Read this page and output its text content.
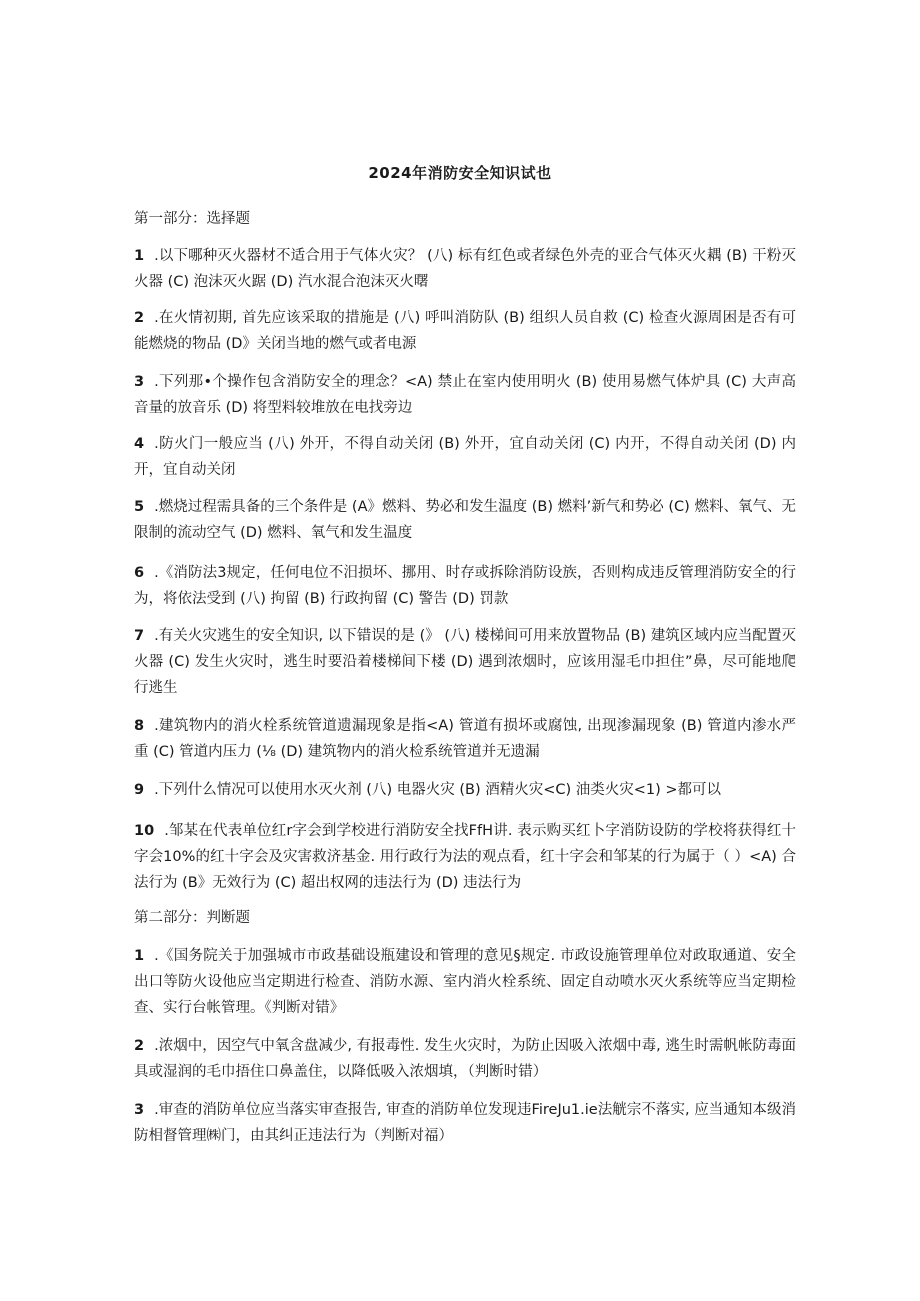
2024年消防安全知识试也
第一部分：选择题
1 .以下哪种灭火器材不适合用于气体火灾？ (八) 标有红色或者绿色外壳的亚合气体灭火耦 (B) 干粉灭火器 (C) 泡沫灭火踞 (D) 汽水混合泡沫灭火曙
2 .在火情初期, 首先应该采取的措施是 (八) 呼叫消防队 (B) 组织人员自救 (C) 检查火源周困是否有可能燃烧的物品 (D》关闭当地的燃气或者电源
3 .下列那•个操作包含消防安全的理念？<A) 禁止在室内使用明火 (B) 使用易燃气体炉具 (C) 大声高音量的放音乐 (D) 将型料较堆放在电找旁边
4 .防火门一般应当 (八) 外开，不得自动关闭 (B) 外开，宜自动关闭 (C) 内开，不得自动关闭 (D) 内开，宜自动关闭
5 .燃烧过程需具备的三个条件是 (A》燃料、势必和发生温度 (B) 燃料’新气和势必 (C) 燃料、氧气、无限制的流动空气 (D) 燃料、氧气和发生温度
6 .《消防法3规定，任何电位不汨损坏、挪用、时存或拆除消防设族，否则构成违反管理消防安全的行为，将依法受到 (八) 拘留 (B) 行政拘留 (C) 警告 (D) 罚款
7 .有关火灾逃生的安全知识, 以下错误的是 (》 (八) 楼梯间可用来放置物品 (B) 建筑区域内应当配置灭火器 (C) 发生火灾时，逃生时要沿着楼梯间下楼 (D) 遇到浓烟时，应该用湿毛巾担住”鼻，尽可能地爬行逃生
8 .建筑物内的消火栓系统管道遗漏现象是指<A) 管道有损坏或腐蚀, 出现渗漏现象 (B) 管道内渗水严重 (C) 管道内压力 (⅛ (D) 建筑物内的消火检系统管道并无遗漏
9 .下列什么情况可以使用水灭火剂 (八) 电器火灾 (B) 酒精火灾<C) 油类火灾<1) >都可以
10 .邹某在代表单位红r字会到学校进行消防安全找FfH讲. 表示购买红卜字消防设防的学校将获得红十字会10%的红十字会及灾害救济基金. 用行政行为法的观点看，红十字会和邹某的行为属于（ ）<A) 合法行为 (B》无效行为 (C) 超出权网的违法行为 (D) 违法行为
第二部分：判断题
1 .《国务院关于加强城市市政基础设瓶建设和管理的意见§规定. 市政设施管理单位对政取通道、安全出口等防火设他应当定期进行检查、消防水源、室内消火栓系统、固定自动喷水灭火系统等应当定期检查、实行台帐管理。《判断对错》
2 .浓烟中，因空气中氧含盘减少, 有报毒性. 发生火灾时，为防止因吸入浓烟中毒, 逃生时需帆帐防毒面具或湿润的毛巾捂住口鼻盖住，以降低吸入浓烟填，（判断时错）
3 .审查的消防单位应当落实审查报告, 审查的消防单位发现违FireJu1.ie法觥宗不落实, 应当通知本级消防相督管理㈱门，由其纠正违法行为（判断对福）
